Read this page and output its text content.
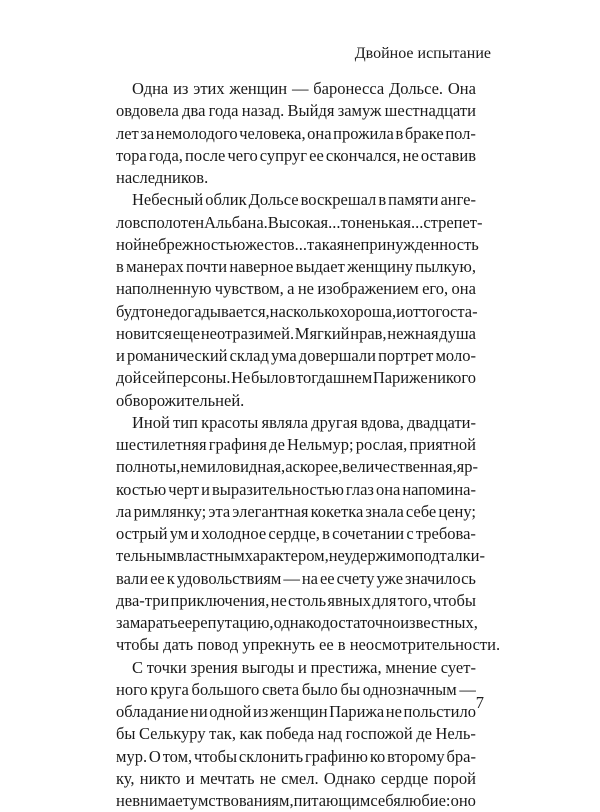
Двойное испытание
Одна из этих женщин — баронесса Дольсе. Она
овдовела два года назад. Выйдя замуж шестнадцати
лет за немолодого человека, она прожила в браке пол-
тора года, после чего супруг ее скончался, не оставив
наследников.
Небесный облик Дольсе воскрешал в памяти анге-
лов с полотен Альбана. Высокая... тоненькая... с трепет-
ной небрежностью жестов... такая непринужденность
в манерах почти наверное выдает женщину пылкую,
наполненную чувством, а не изображением его, она
будто не догадывается, насколько хороша, и оттого ста-
новится еще неотразимей. Мягкий нрав, нежная душа
и романический склад ума довершали портрет моло-
дой сей персоны. Не было в тогдашнем Париже никого
обворожительней.
Иной тип красоты являла другая вдова, двадцати-
шестилетняя графиня де Нельмур; рослая, приятной
полноты, не миловидная, а скорее, величественная, яр-
костью черт и выразительностью глаз она напомина-
ла римлянку; эта элегантная кокетка знала себе цену;
острый ум и холодное сердце, в сочетании с требова-
тельным властным характером, неудержимо подталки-
вали ее к удовольствиям — на ее счету уже значилось
два-три приключения, не столь явных для того, чтобы
замарать ее репутацию, однако достаточно известных,
чтобы дать повод упрекнуть ее в неосмотрительности.
С точки зрения выгоды и престижа, мнение сует-
ного круга большого света было бы однозначным —
обладание ни одной из женщин Парижа не польстило
бы Селькуру так, как победа над госпожой де Нель-
мур. О том, чтобы склонить графиню ко второму бра-
ку, никто и мечтать не смел. Однако сердце порой
не внимает умствованиям, питающим себялюбие: оно
7
